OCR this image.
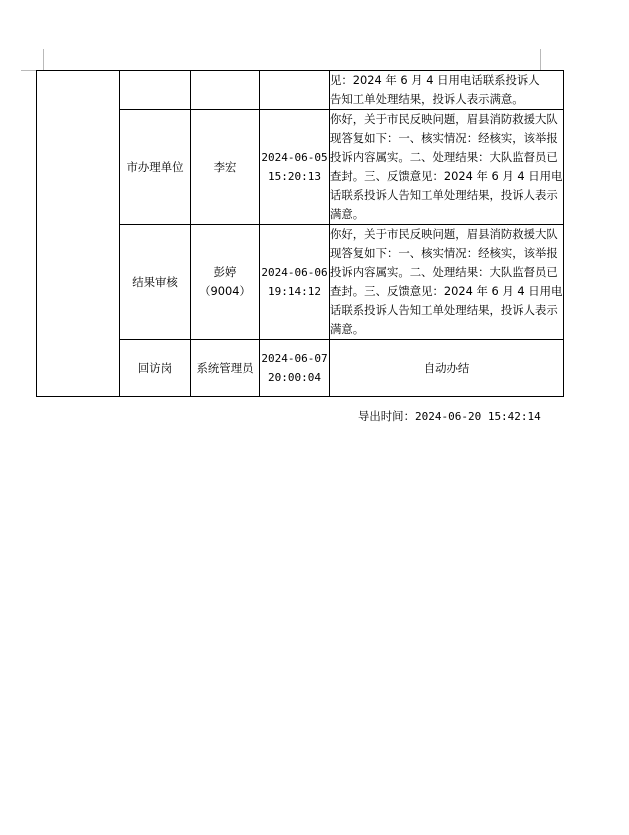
				见：2024 年 6 月 4 日用电话联系投诉人
告知工单处理结果，投诉人表示满意。

	市办理单位	李宏	2024-06-05 15:20:13	你好，关于市民反映问题，眉县消防救援大队现答复如下：一、核实情况：经核实，该举报投诉内容属实。二、处理结果：大队监督员已查封。三、反馈意见：2024 年 6 月 4 日用电话联系投诉人告知工单处理结果，投诉人表示满意。
	结果审核	彭婷（9004）	2024-06-06 19:14:12	你好，关于市民反映问题，眉县消防救援大队现答复如下：一、核实情况：经核实，该举报投诉内容属实。二、处理结果：大队监督员已查封。三、反馈意见：2024 年 6 月 4 日用电话联系投诉人告知工单处理结果，投诉人表示满意。
	回访岗	系统管理员	2024-06-07 20:00:04	自动办结
导出时间：2024-06-20 15:42:14
